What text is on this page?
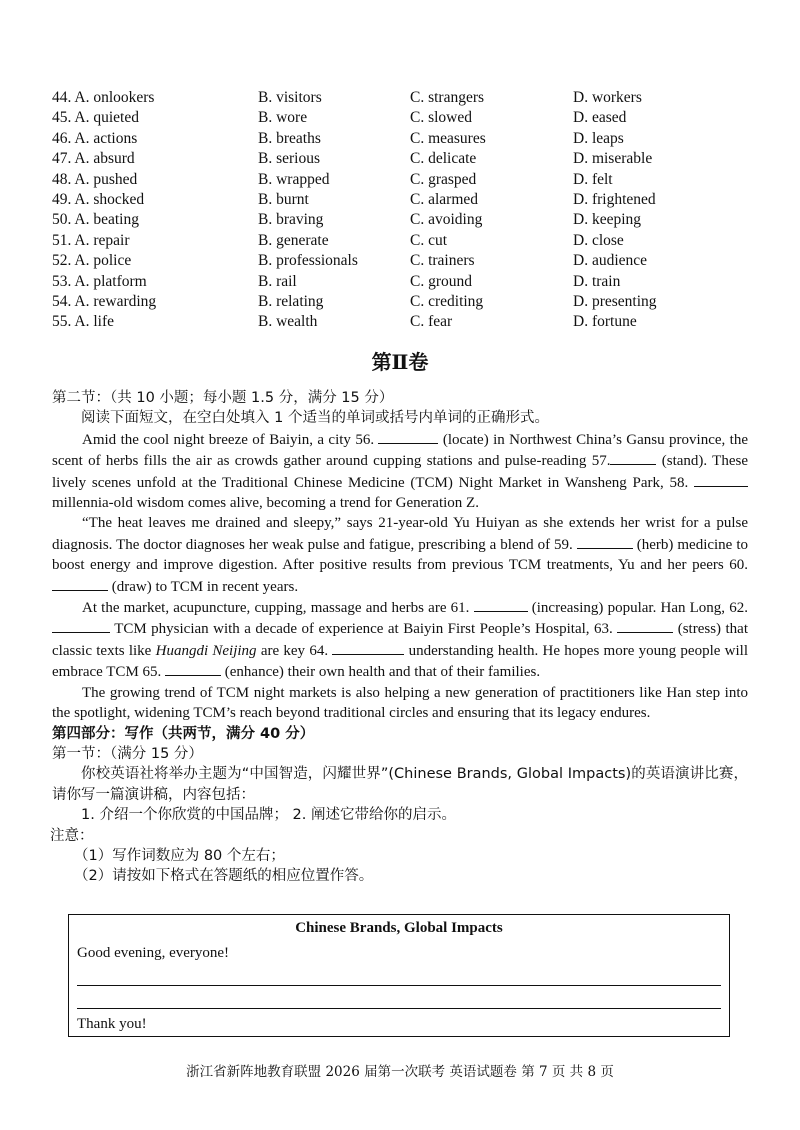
44. A. onlookers	B. visitors	C. strangers	D. workers
45. A. quieted	B. wore	C. slowed	D. eased
46. A. actions	B. breaths	C. measures	D. leaps
47. A. absurd	B. serious	C. delicate	D. miserable
48. A. pushed	B. wrapped	C. grasped	D. felt
49. A. shocked	B. burnt	C. alarmed	D. frightened
50. A. beating	B. braving	C. avoiding	D. keeping
51. A. repair	B. generate	C. cut	D. close
52. A. police	B. professionals	C. trainers	D. audience
53. A. platform	B. rail	C. ground	D. train
54. A. rewarding	B. relating	C. crediting	D. presenting
55. A. life	B. wealth	C. fear	D. fortune
第Ⅱ卷
第二节：（共 10 小题；每小题 1.5 分，满分 15 分）
阅读下面短文，在空白处填入 1 个适当的单词或括号内单词的正确形式。
Amid the cool night breeze of Baiyin, a city 56.	(locate) in Northwest China’s Gansu province, the scent of herbs fills the air as crowds gather around cupping stations and pulse-reading 57.	(stand). These lively scenes unfold at the Traditional Chinese Medicine (TCM) Night Market in Wansheng Park, 58.  millennia-old wisdom comes alive, becoming a trend for Generation Z.
“The heat leaves me drained and sleepy,” says 21-year-old Yu Huiyan as she extends her wrist for a pulse diagnosis. The doctor diagnoses her weak pulse and fatigue, prescribing a blend of 59.	(herb) medicine to boost energy and improve digestion. After positive results from previous TCM treatments, Yu and her peers 60.  (draw) to TCM in recent years.
At the market, acupuncture, cupping, massage and herbs are 61.	(increasing) popular. Han Long, 62.  TCM physician with a decade of experience at Baiyin First People’s Hospital, 63.	(stress) that classic texts like Huangdi Neijing are key 64.	understanding health. He hopes more young people will embrace TCM 65.	(enhance) their own health and that of their families.
The growing trend of TCM night markets is also helping a new generation of practitioners like Han step into the spotlight, widening TCM’s reach beyond traditional circles and ensuring that its legacy endures.
第四部分：写作（共两节，满分 40 分）
第一节：（满分 15 分）
你校英语社将举办主题为“中国智造，闪耀世界”(Chinese Brands, Global Impacts)的英语演讲比赛，请你写一篇演讲稿，内容包括：
1. 介绍一个你欣赏的中国品牌； 2. 阐述它带给你的启示。
注意：
（1）写作词数应为 80 个左右；
（2）请按如下格式在答题纸的相应位置作答。
Chinese Brands, Global Impacts
Good evening, everyone!
Thank you!
浙江省新阵地教育联盟 2026 届第一次联考 英语试题卷 第 7 页 共 8 页
